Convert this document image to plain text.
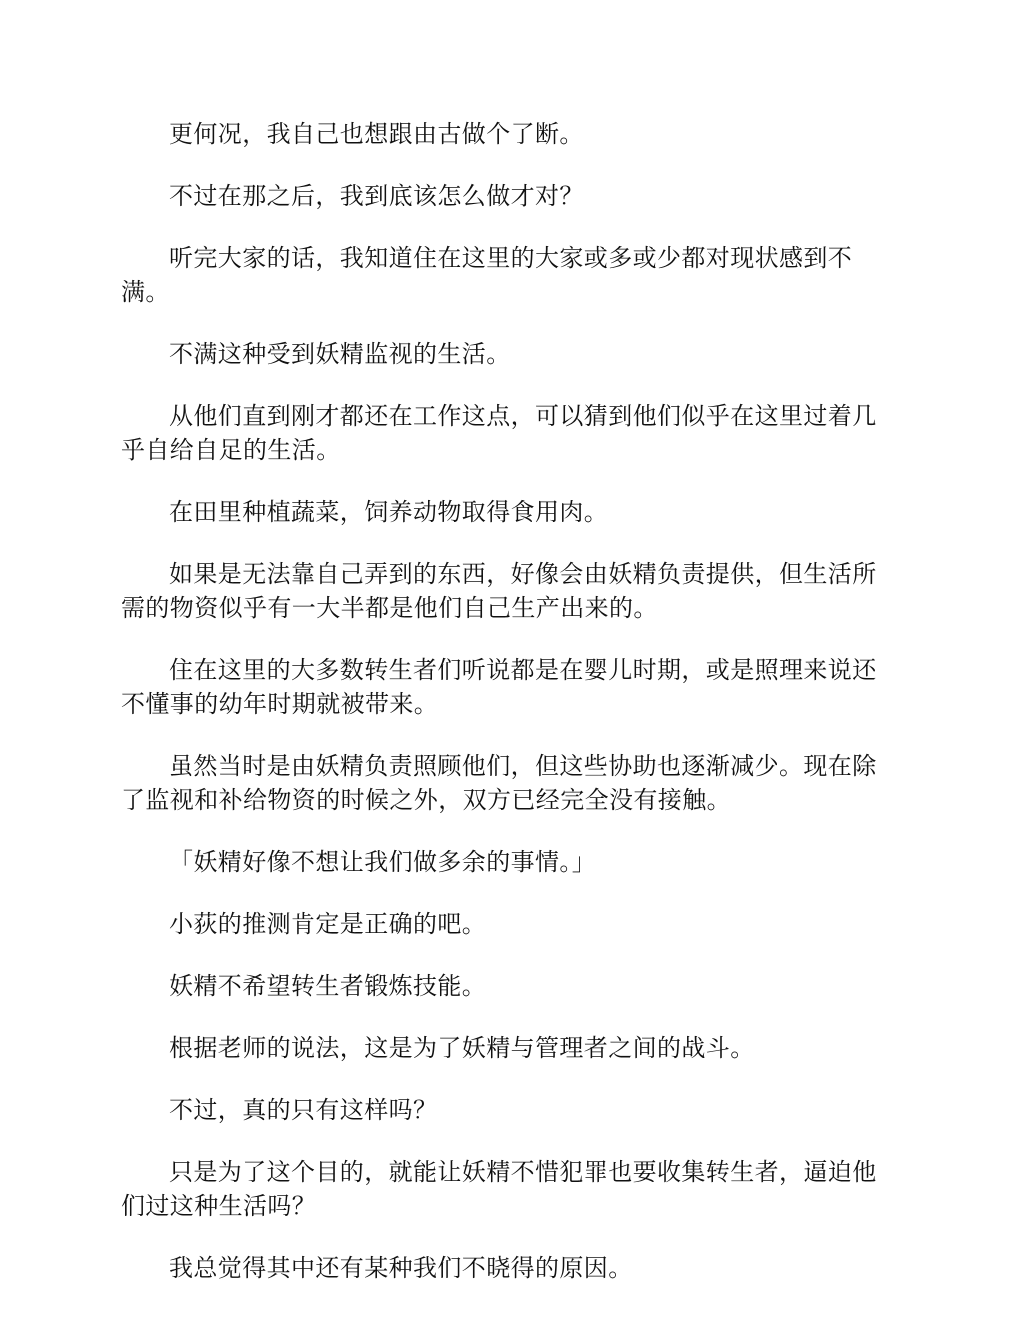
更何况，我自己也想跟由古做个了断。

不过在那之后，我到底该怎么做才对？

听完大家的话，我知道住在这里的大家或多或少都对现状感到不满。

不满这种受到妖精监视的生活。

从他们直到刚才都还在工作这点，可以猜到他们似乎在这里过着几乎自给自足的生活。

在田里种植蔬菜，饲养动物取得食用肉。

如果是无法靠自己弄到的东西，好像会由妖精负责提供，但生活所需的物资似乎有一大半都是他们自己生产出来的。

住在这里的大多数转生者们听说都是在婴儿时期，或是照理来说还不懂事的幼年时期就被带来。

虽然当时是由妖精负责照顾他们，但这些协助也逐渐减少。现在除了监视和补给物资的时候之外，双方已经完全没有接触。

「妖精好像不想让我们做多余的事情。」

小荻的推测肯定是正确的吧。

妖精不希望转生者锻炼技能。

根据老师的说法，这是为了妖精与管理者之间的战斗。

不过，真的只有这样吗？

只是为了这个目的，就能让妖精不惜犯罪也要收集转生者，逼迫他们过这种生活吗？

我总觉得其中还有某种我们不晓得的原因。
